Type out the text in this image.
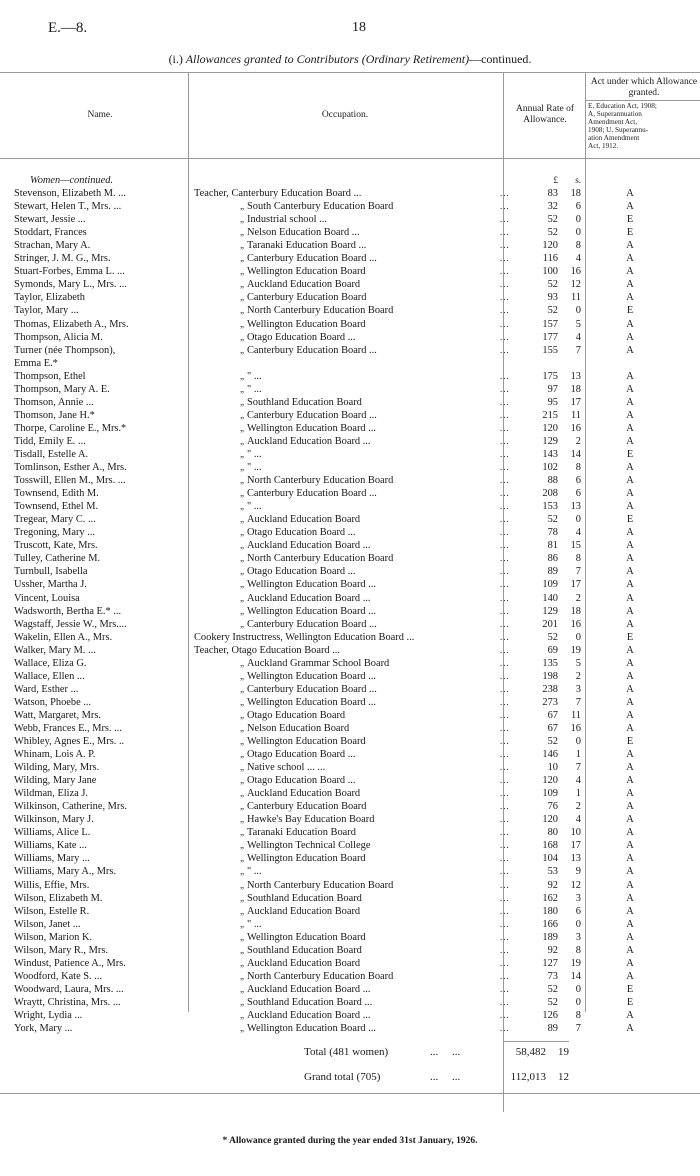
E.—8.	18
(i.) Allowances granted to Contributors (Ordinary Retirement)—continued.
Name.	Occupation.
Annual Rate of Allowance.
Act under which Allowance granted.
E, Education Act, 1908;
A, Superannuation
Amendment Act,
1908; U, Superannu-
ation Amendment
Act, 1912.
Women—continued.	£	s.
Stevenson, Elizabeth M. ...	Teacher, Canterbury Education Board ...	...	83	18	A
Stewart, Helen T., Mrs. ...	„ South Canterbury Education Board	...	32	6	A
Stewart, Jessie ...	„ Industrial school ...	...	52	0	E
Stoddart, Frances	„ Nelson Education Board ...	...	52	0	E
Strachan, Mary A.	„ Taranaki Education Board ...	...	120	8	A
Stringer, J. M. G., Mrs.	„ Canterbury Education Board ...	...	116	4	A
Stuart-Forbes, Emma L. ...	„ Wellington Education Board	...	100	16	A
Symonds, Mary L., Mrs. ...	„ Auckland Education Board	...	52	12	A
Taylor, Elizabeth	„ Canterbury Education Board	...	93	11	A
Taylor, Mary ...	„ North Canterbury Education Board	...	52	0	E
Thomas, Elizabeth A., Mrs.	„ Wellington Education Board	...	157	5	A
Thompson, Alicia M.	„ Otago Education Board ...	...	177	4	A
Turner (née Thompson),	„ Canterbury Education Board ...	...	155	7	A
Emma E.*
Thompson, Ethel	„ " ...	...	175	13	A
Thompson, Mary A. E.	„ " ...	...	97	18	A
Thomson, Annie ...	„ Southland Education Board	...	95	17	A
Thomson, Jane H.*	„ Canterbury Education Board ...	...	215	11	A
Thorpe, Caroline E., Mrs.*	„ Wellington Education Board ...	...	120	16	A
Tidd, Emily E. ...	„ Auckland Education Board ...	...	129	2	A
Tisdall, Estelle A.	„ " ...	...	143	14	E
Tomlinson, Esther A., Mrs.	„ " ...	...	102	8	A
Tosswill, Ellen M., Mrs. ...	„ North Canterbury Education Board	...	88	6	A
Townsend, Edith M.	„ Canterbury Education Board ...	...	208	6	A
Townsend, Ethel M.	„ " ...	...	153	13	A
Tregear, Mary C. ...	„ Auckland Education Board	...	52	0	E
Tregoning, Mary ...	„ Otago Education Board ...	...	78	4	A
Truscott, Kate, Mrs.	„ Auckland Education Board ...	...	81	15	A
Tulley, Catherine M.	„ North Canterbury Education Board	...	86	8	A
Turnbull, Isabella	„ Otago Education Board ...	...	89	7	A
Ussher, Martha J.	„ Wellington Education Board ...	...	109	17	A
Vincent, Louisa	„ Auckland Education Board ...	...	140	2	A
Wadsworth, Bertha E.* ...	„ Wellington Education Board ...	...	129	18	A
Wagstaff, Jessie W., Mrs....	„ Canterbury Education Board ...	...	201	16	A
Wakelin, Ellen A., Mrs.	Cookery Instructress, Wellington Education Board ...	...	52	0	E
Walker, Mary M. ...	Teacher, Otago Education Board ...	...	69	19	A
Wallace, Eliza G.	„ Auckland Grammar School Board	...	135	5	A
Wallace, Ellen ...	„ Wellington Education Board ...	...	198	2	A
Ward, Esther ...	„ Canterbury Education Board ...	...	238	3	A
Watson, Phoebe ...	„ Wellington Education Board ...	...	273	7	A
Watt, Margaret, Mrs.	„ Otago Education Board	...	67	11	A
Webb, Frances E., Mrs. ...	„ Nelson Education Board	...	67	16	A
Whibley, Agnes E., Mrs. ..	„ Wellington Education Board	...	52	0	E
Whinam, Lois A. P.	„ Otago Education Board ...	...	146	1	A
Wilding, Mary, Mrs.	„ Native school ... ...	...	10	7	A
Wilding, Mary Jane	„ Otago Education Board ...	...	120	4	A
Wildman, Eliza J.	„ Auckland Education Board	...	109	1	A
Wilkinson, Catherine, Mrs.	„ Canterbury Education Board	...	76	2	A
Wilkinson, Mary J.	„ Hawke's Bay Education Board	...	120	4	A
Williams, Alice L.	„ Taranaki Education Board	...	80	10	A
Williams, Kate ...	„ Wellington Technical College	...	168	17	A
Williams, Mary ...	„ Wellington Education Board	...	104	13	A
Williams, Mary A., Mrs.	„ " ...	...	53	9	A
Willis, Effie, Mrs.	„ North Canterbury Education Board	...	92	12	A
Wilson, Elizabeth M.	„ Southland Education Board	...	162	3	A
Wilson, Estelle R.	„ Auckland Education Board	...	180	6	A
Wilson, Janet ...	„ " ...	...	166	0	A
Wilson, Marion K.	„ Wellington Education Board	...	189	3	A
Wilson, Mary R., Mrs.	„ Southland Education Board	...	92	8	A
Windust, Patience A., Mrs.	„ Auckland Education Board	...	127	19	A
Woodford, Kate S. ...	„ North Canterbury Education Board	...	73	14	A
Woodward, Laura, Mrs. ...	„ Auckland Education Board ...	...	52	0	E
Wraytt, Christina, Mrs. ...	„ Southland Education Board ...	...	52	0	E
Wright, Lydia ...	„ Auckland Education Board ...	...	126	8	A
York, Mary ...	„ Wellington Education Board ...	...	89	7	A
Total (481 women)	...     ...	58,482	19
Grand total (705)	...     ...	112,013	12
* Allowance granted during the year ended 31st January, 1926.
